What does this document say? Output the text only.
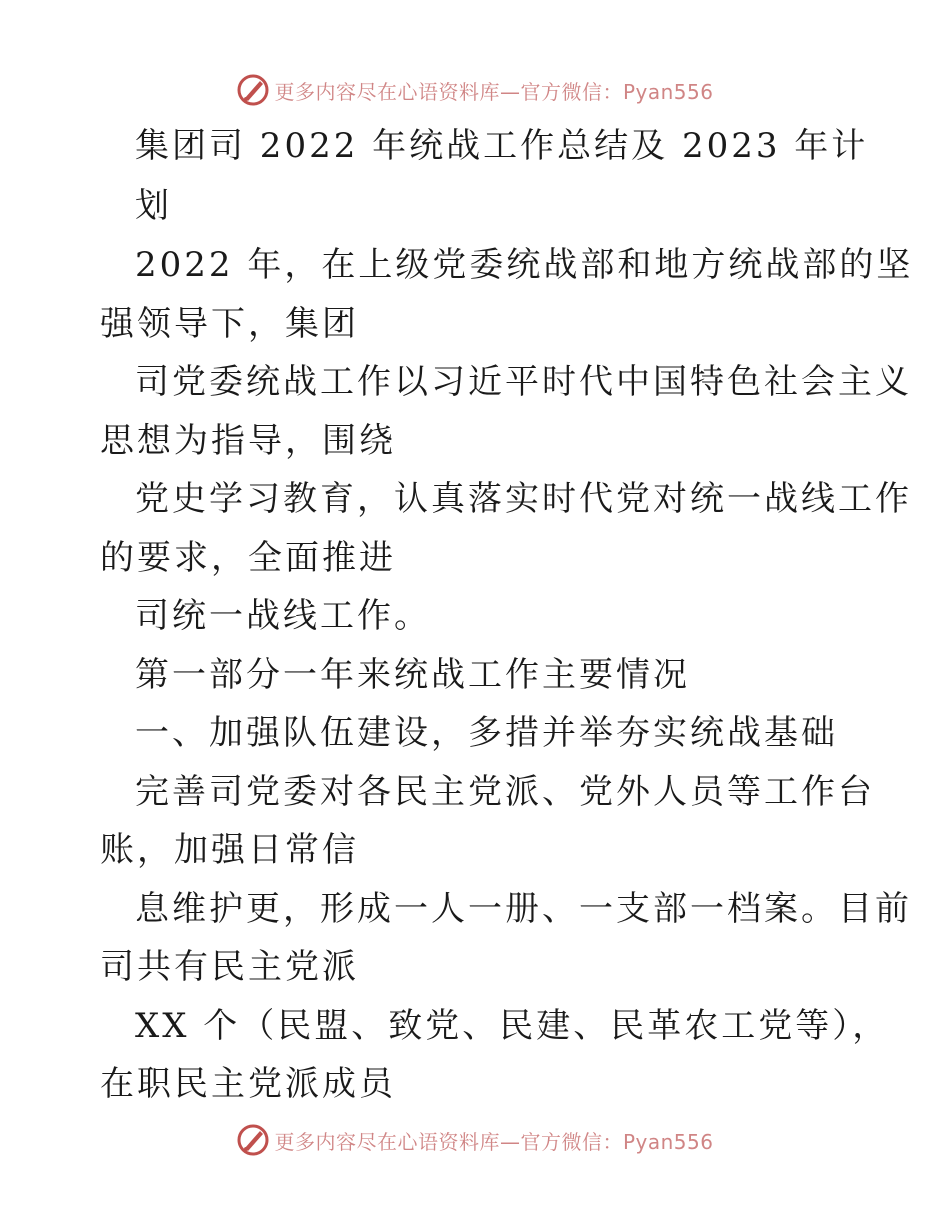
更多内容尽在心语资料库—官方微信：Pyan556
集团司 2022 年统战工作总结及 2023 年计
划
2022 年，在上级党委统战部和地方统战部的坚
强领导下，集团
司党委统战工作以习近平时代中国特色社会主义
思想为指导，围绕
党史学习教育，认真落实时代党对统一战线工作
的要求，全面推进
司统一战线工作。
第一部分一年来统战工作主要情况
一、加强队伍建设，多措并举夯实统战基础
完善司党委对各民主党派、党外人员等工作台
账，加强日常信
息维护更，形成一人一册、一支部一档案。目前
司共有民主党派
XX 个（民盟、致党、民建、民革农工党等），
在职民主党派成员
更多内容尽在心语资料库—官方微信：Pyan556
